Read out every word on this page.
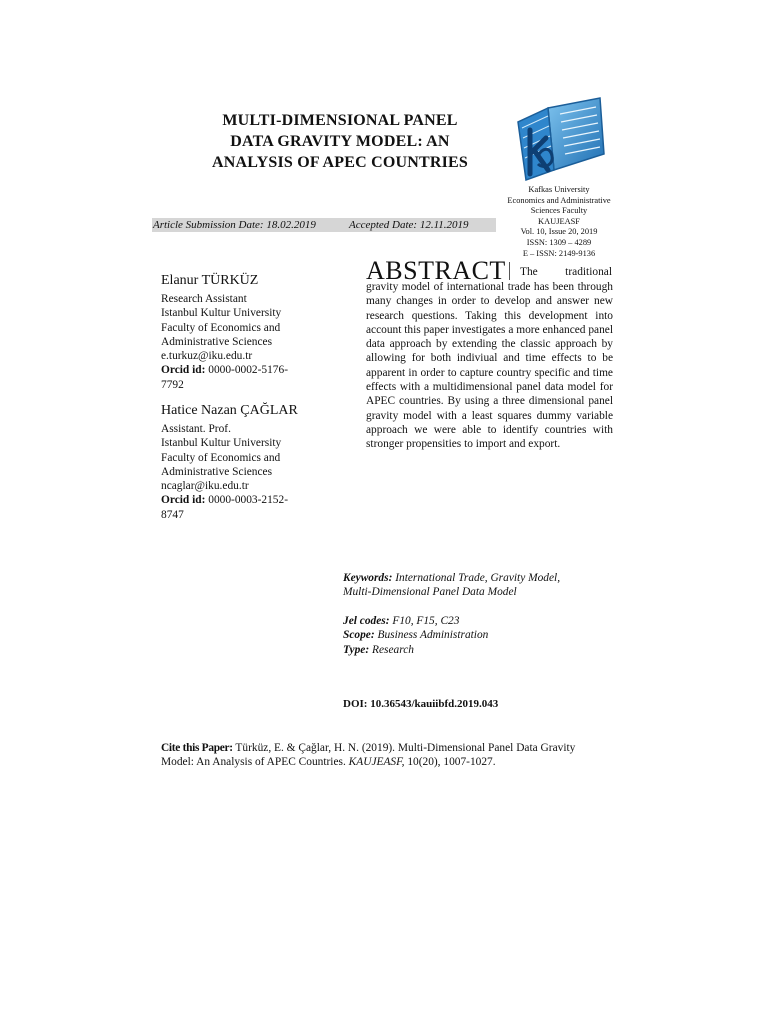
MULTI-DIMENSIONAL PANEL
DATA GRAVITY MODEL: AN
ANALYSIS OF APEC COUNTRIES
Kafkas University
Economics and Administrative
Sciences Faculty
KAUJEASF
Vol. 10, Issue 20, 2019
ISSN: 1309 – 4289
E – ISSN: 2149-9136
Article Submission Date: 18.02.2019	Accepted Date: 12.11.2019
Elanur TÜRKÜZ
Research Assistant
Istanbul Kultur University
Faculty of Economics and
Administrative Sciences
e.turkuz@iku.edu.tr
Orcid id: 0000-0002-5176-
7792
Hatice Nazan ÇAĞLAR
Assistant. Prof.
Istanbul Kultur University
Faculty of Economics and
Administrative Sciences
ncaglar@iku.edu.tr
Orcid id: 0000-0003-2152-
8747
ABSTRACT	The traditional
gravity model of international trade has been through many changes in order to develop and answer new research questions. Taking this development into account this paper investigates a more enhanced panel data approach by extending the classic approach by allowing for both indiviual and time effects to be apparent in order to capture country specific and time effects with a multidimensional panel data model for APEC countries. By using a three dimensional panel gravity model with a least squares dummy variable approach we were able to identify countries with stronger propensities to import and export.
Keywords: International Trade, Gravity Model,
Multi-Dimensional Panel Data Model
Jel codes: F10, F15, C23
Scope: Business Administration
Type: Research
DOI: 10.36543/kauiibfd.2019.043
Cite this Paper: Türküz, E. & Çağlar, H. N. (2019). Multi-Dimensional Panel Data Gravity
Model: An Analysis of APEC Countries. KAUJEASF, 10(20), 1007-1027.
